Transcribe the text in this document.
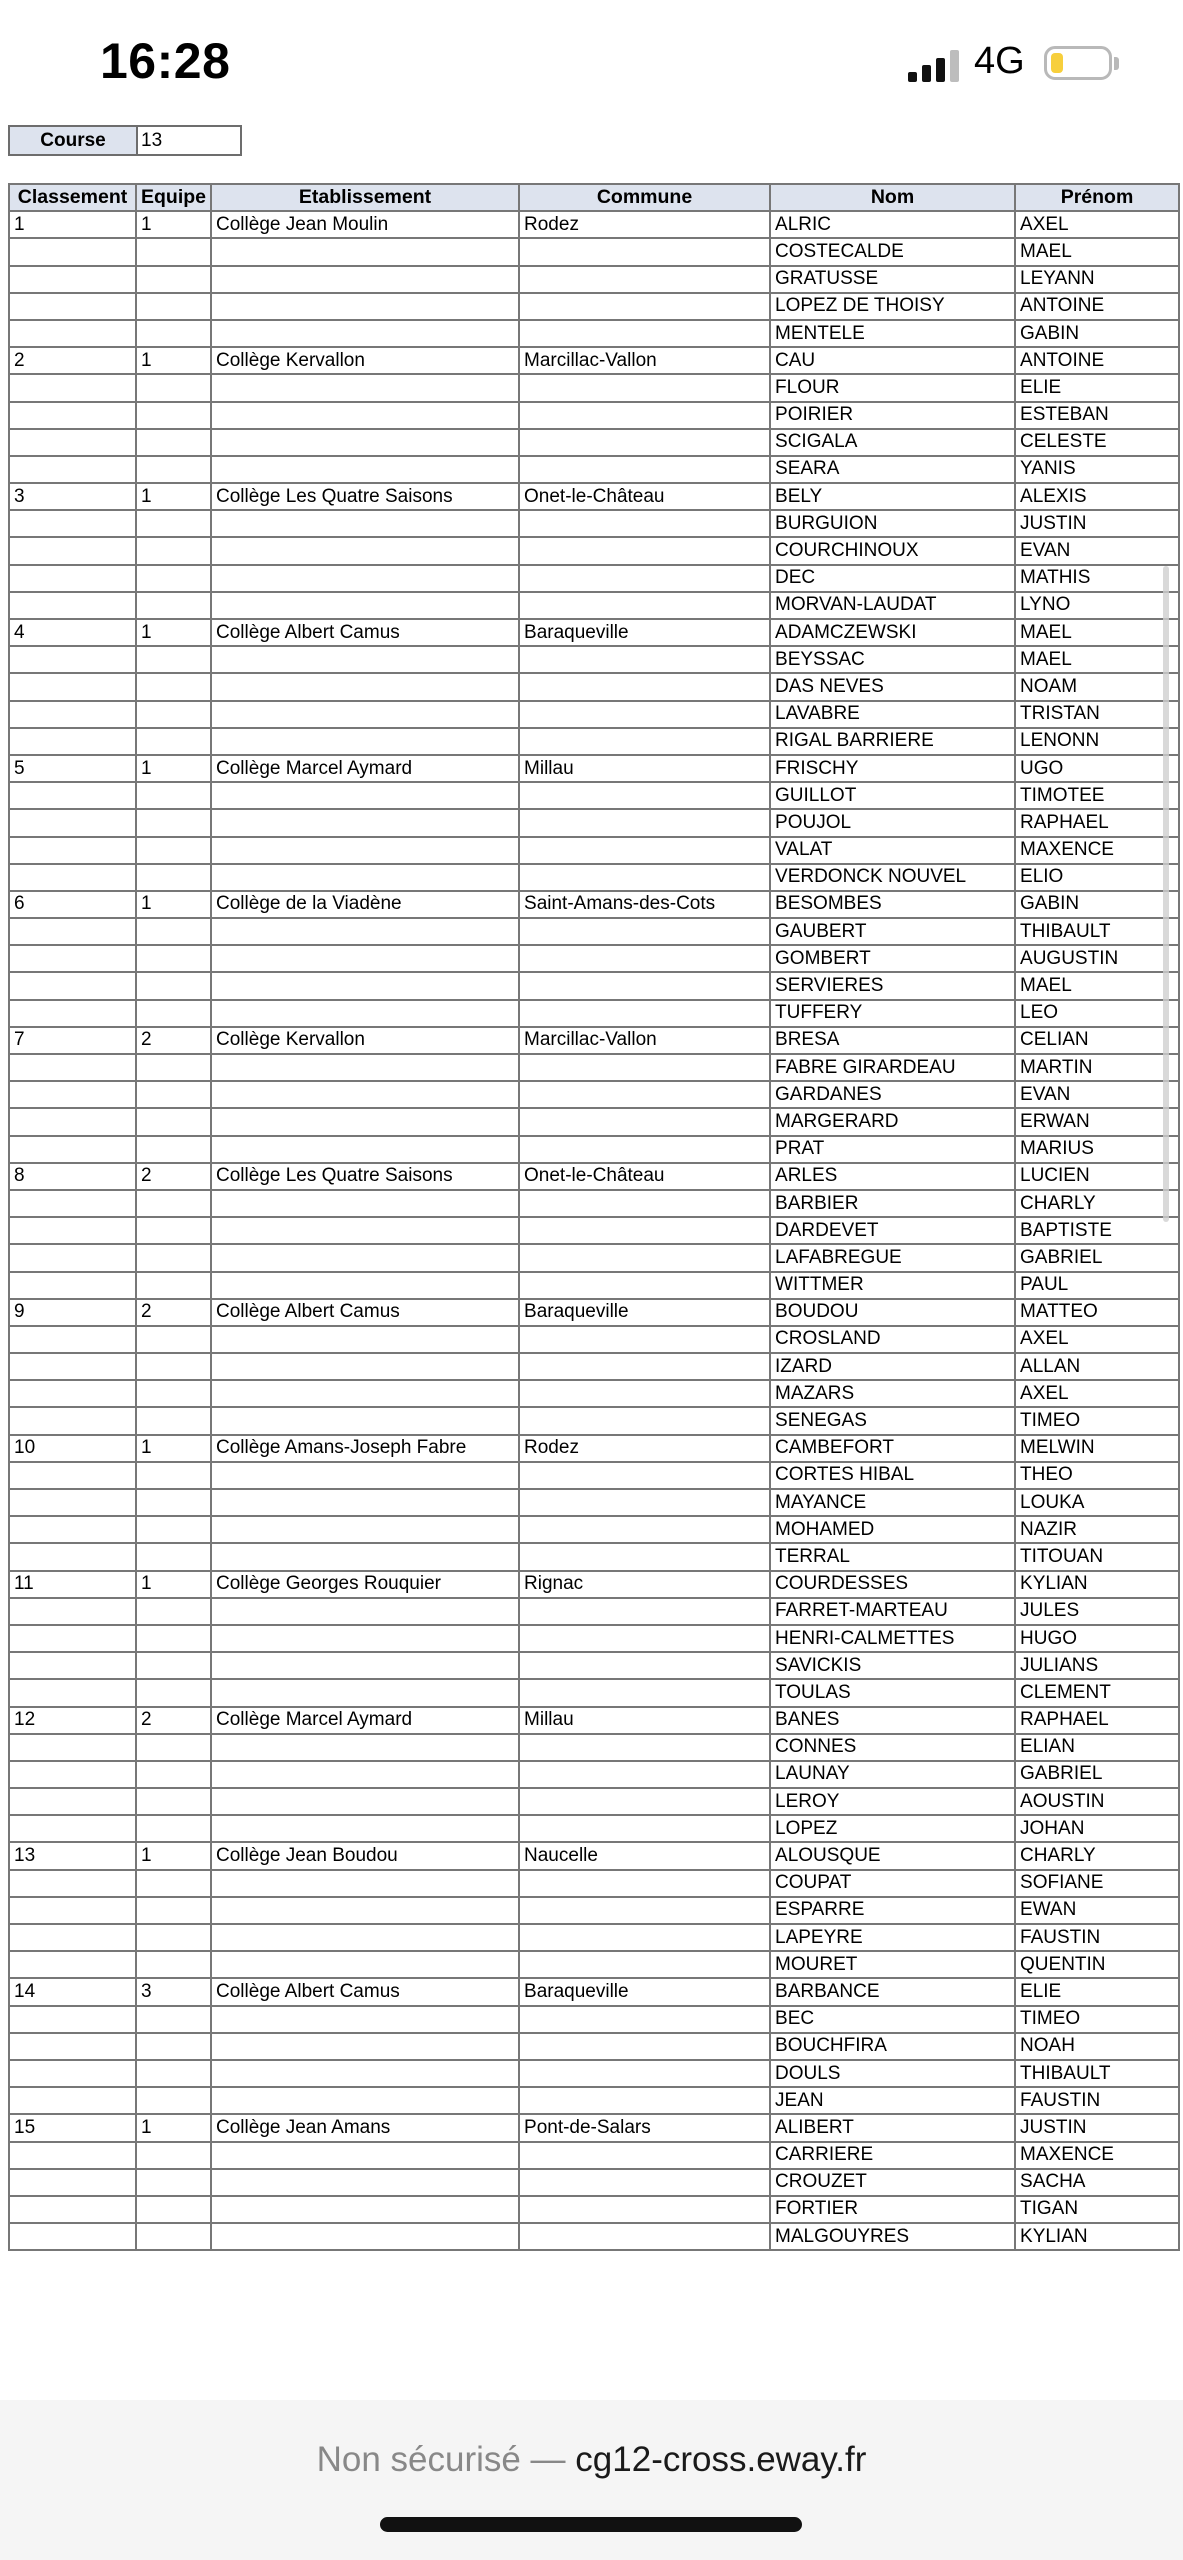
16:28	4G
Course	13
Classement	Equipe	Etablissement	Commune	Nom	Prénom
1	1	Collège Jean Moulin	Rodez	ALRIC	AXEL
				COSTECALDE	MAEL
				GRATUSSE	LEYANN
				LOPEZ DE THOISY	ANTOINE
				MENTELE	GABIN
2	1	Collège Kervallon	Marcillac-Vallon	CAU	ANTOINE
				FLOUR	ELIE
				POIRIER	ESTEBAN
				SCIGALA	CELESTE
				SEARA	YANIS
3	1	Collège Les Quatre Saisons	Onet-le-Château	BELY	ALEXIS
				BURGUION	JUSTIN
				COURCHINOUX	EVAN
				DEC	MATHIS
				MORVAN-LAUDAT	LYNO
4	1	Collège Albert Camus	Baraqueville	ADAMCZEWSKI	MAEL
				BEYSSAC	MAEL
				DAS NEVES	NOAM
				LAVABRE	TRISTAN
				RIGAL BARRIERE	LENONN
5	1	Collège Marcel Aymard	Millau	FRISCHY	UGO
				GUILLOT	TIMOTEE
				POUJOL	RAPHAEL
				VALAT	MAXENCE
				VERDONCK NOUVEL	ELIO
6	1	Collège de la Viadène	Saint-Amans-des-Cots	BESOMBES	GABIN
				GAUBERT	THIBAULT
				GOMBERT	AUGUSTIN
				SERVIERES	MAEL
				TUFFERY	LEO
7	2	Collège Kervallon	Marcillac-Vallon	BRESA	CELIAN
				FABRE GIRARDEAU	MARTIN
				GARDANES	EVAN
				MARGERARD	ERWAN
				PRAT	MARIUS
8	2	Collège Les Quatre Saisons	Onet-le-Château	ARLES	LUCIEN
				BARBIER	CHARLY
				DARDEVET	BAPTISTE
				LAFABREGUE	GABRIEL
				WITTMER	PAUL
9	2	Collège Albert Camus	Baraqueville	BOUDOU	MATTEO
				CROSLAND	AXEL
				IZARD	ALLAN
				MAZARS	AXEL
				SENEGAS	TIMEO
10	1	Collège Amans-Joseph Fabre	Rodez	CAMBEFORT	MELWIN
				CORTES HIBAL	THEO
				MAYANCE	LOUKA
				MOHAMED	NAZIR
				TERRAL	TITOUAN
11	1	Collège Georges Rouquier	Rignac	COURDESSES	KYLIAN
				FARRET-MARTEAU	JULES
				HENRI-CALMETTES	HUGO
				SAVICKIS	JULIANS
				TOULAS	CLEMENT
12	2	Collège Marcel Aymard	Millau	BANES	RAPHAEL
				CONNES	ELIAN
				LAUNAY	GABRIEL
				LEROY	AOUSTIN
				LOPEZ	JOHAN
13	1	Collège Jean Boudou	Naucelle	ALOUSQUE	CHARLY
				COUPAT	SOFIANE
				ESPARRE	EWAN
				LAPEYRE	FAUSTIN
				MOURET	QUENTIN
14	3	Collège Albert Camus	Baraqueville	BARBANCE	ELIE
				BEC	TIMEO
				BOUCHFIRA	NOAH
				DOULS	THIBAULT
				JEAN	FAUSTIN
15	1	Collège Jean Amans	Pont-de-Salars	ALIBERT	JUSTIN
				CARRIERE	MAXENCE
				CROUZET	SACHA
				FORTIER	TIGAN
				MALGOUYRES	KYLIAN
Non sécurisé — cg12-cross.eway.fr
